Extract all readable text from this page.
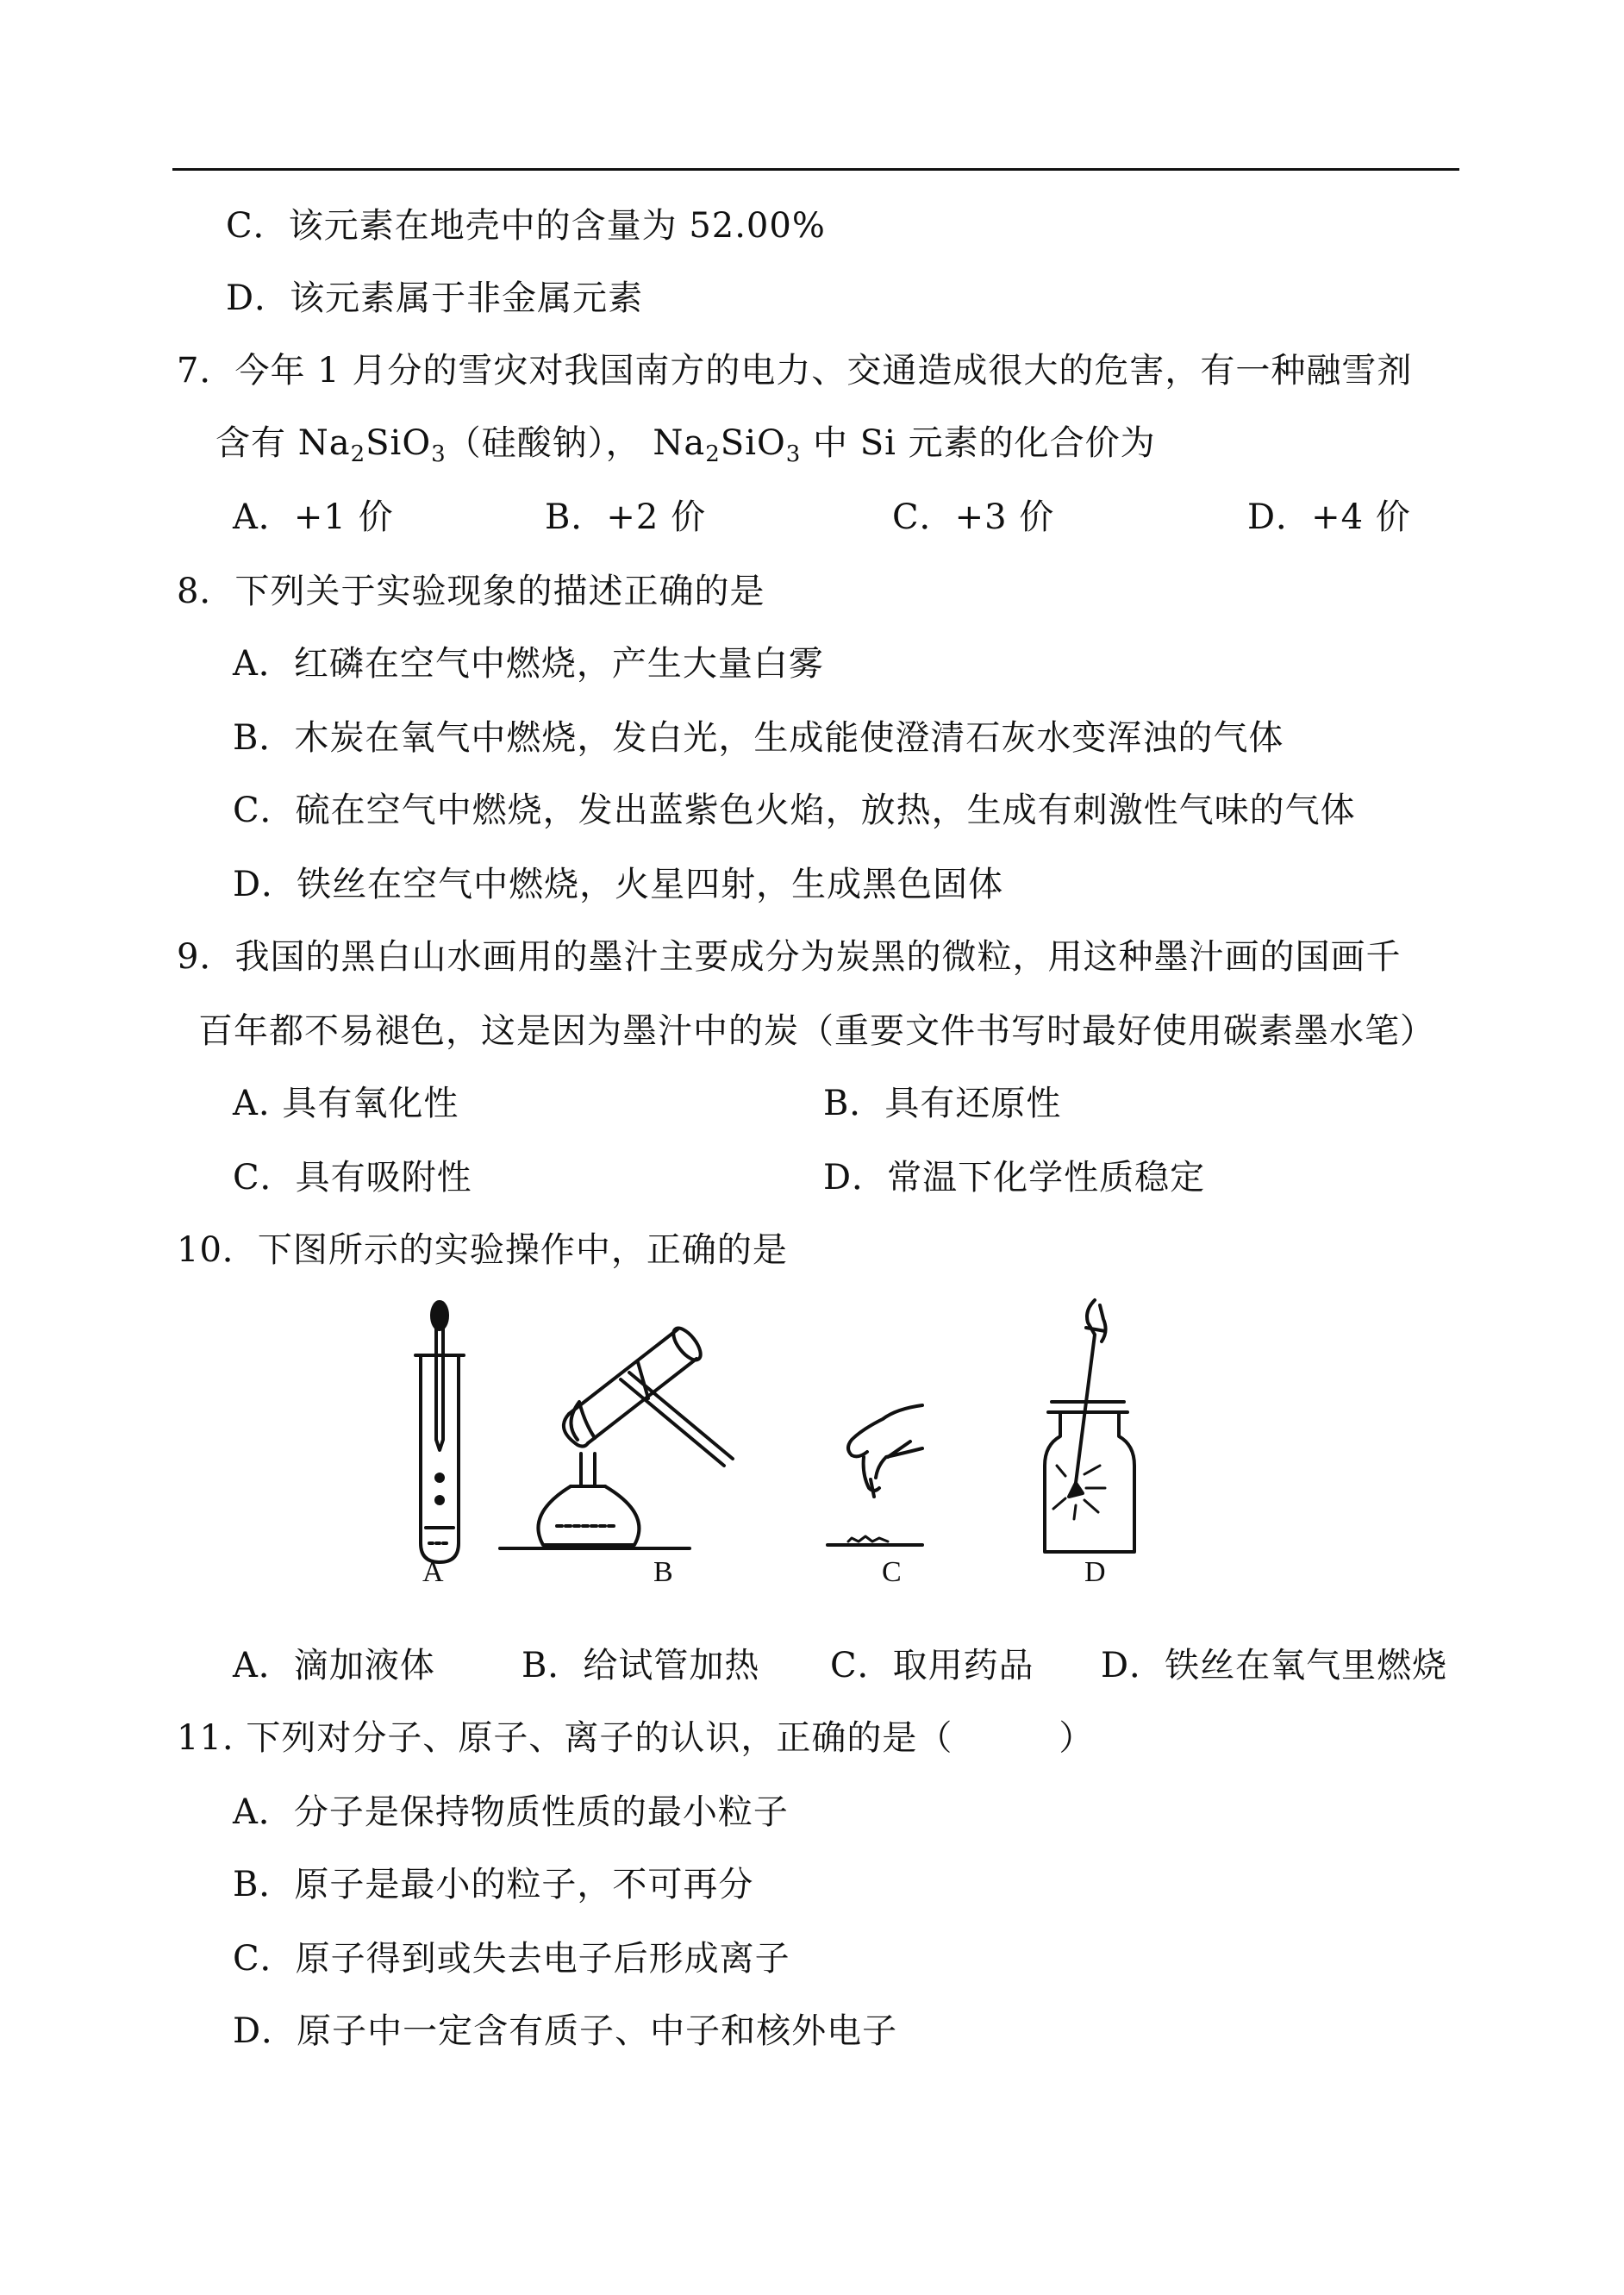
C．该元素在地壳中的含量为 52.00%
D．该元素属于非金属元素
7．今年 1 月分的雪灾对我国南方的电力、交通造成很大的危害，有一种融雪剂
含有 $Na_2SiO_3$（硅酸钠）， $Na_2SiO_3$ 中 Si 元素的化合价为
A．+1 价	B．+2 价	C．+3 价	D．+4 价
8．下列关于实验现象的描述正确的是
A．红磷在空气中燃烧，产生大量白雾
B．木炭在氧气中燃烧，发白光，生成能使澄清石灰水变浑浊的气体
C．硫在空气中燃烧，发出蓝紫色火焰，放热，生成有刺激性气味的气体
D．铁丝在空气中燃烧，火星四射，生成黑色固体
9．我国的黑白山水画用的墨汁主要成分为炭黑的微粒，用这种墨汁画的国画千
百年都不易褪色，这是因为墨汁中的炭（重要文件书写时最好使用碳素墨水笔）
A. 具有氧化性	B．具有还原性
C．具有吸附性	D．常温下化学性质稳定
10．下图所示的实验操作中，正确的是
A	B	C	D
A．滴加液体	B．给试管加热 C．取用药品 D．铁丝在氧气里燃烧
11. 下列对分子、原子、离子的认识，正确的是（　　　）
A．分子是保持物质性质的最小粒子
B．原子是最小的粒子，不可再分
C．原子得到或失去电子后形成离子
D．原子中一定含有质子、中子和核外电子
